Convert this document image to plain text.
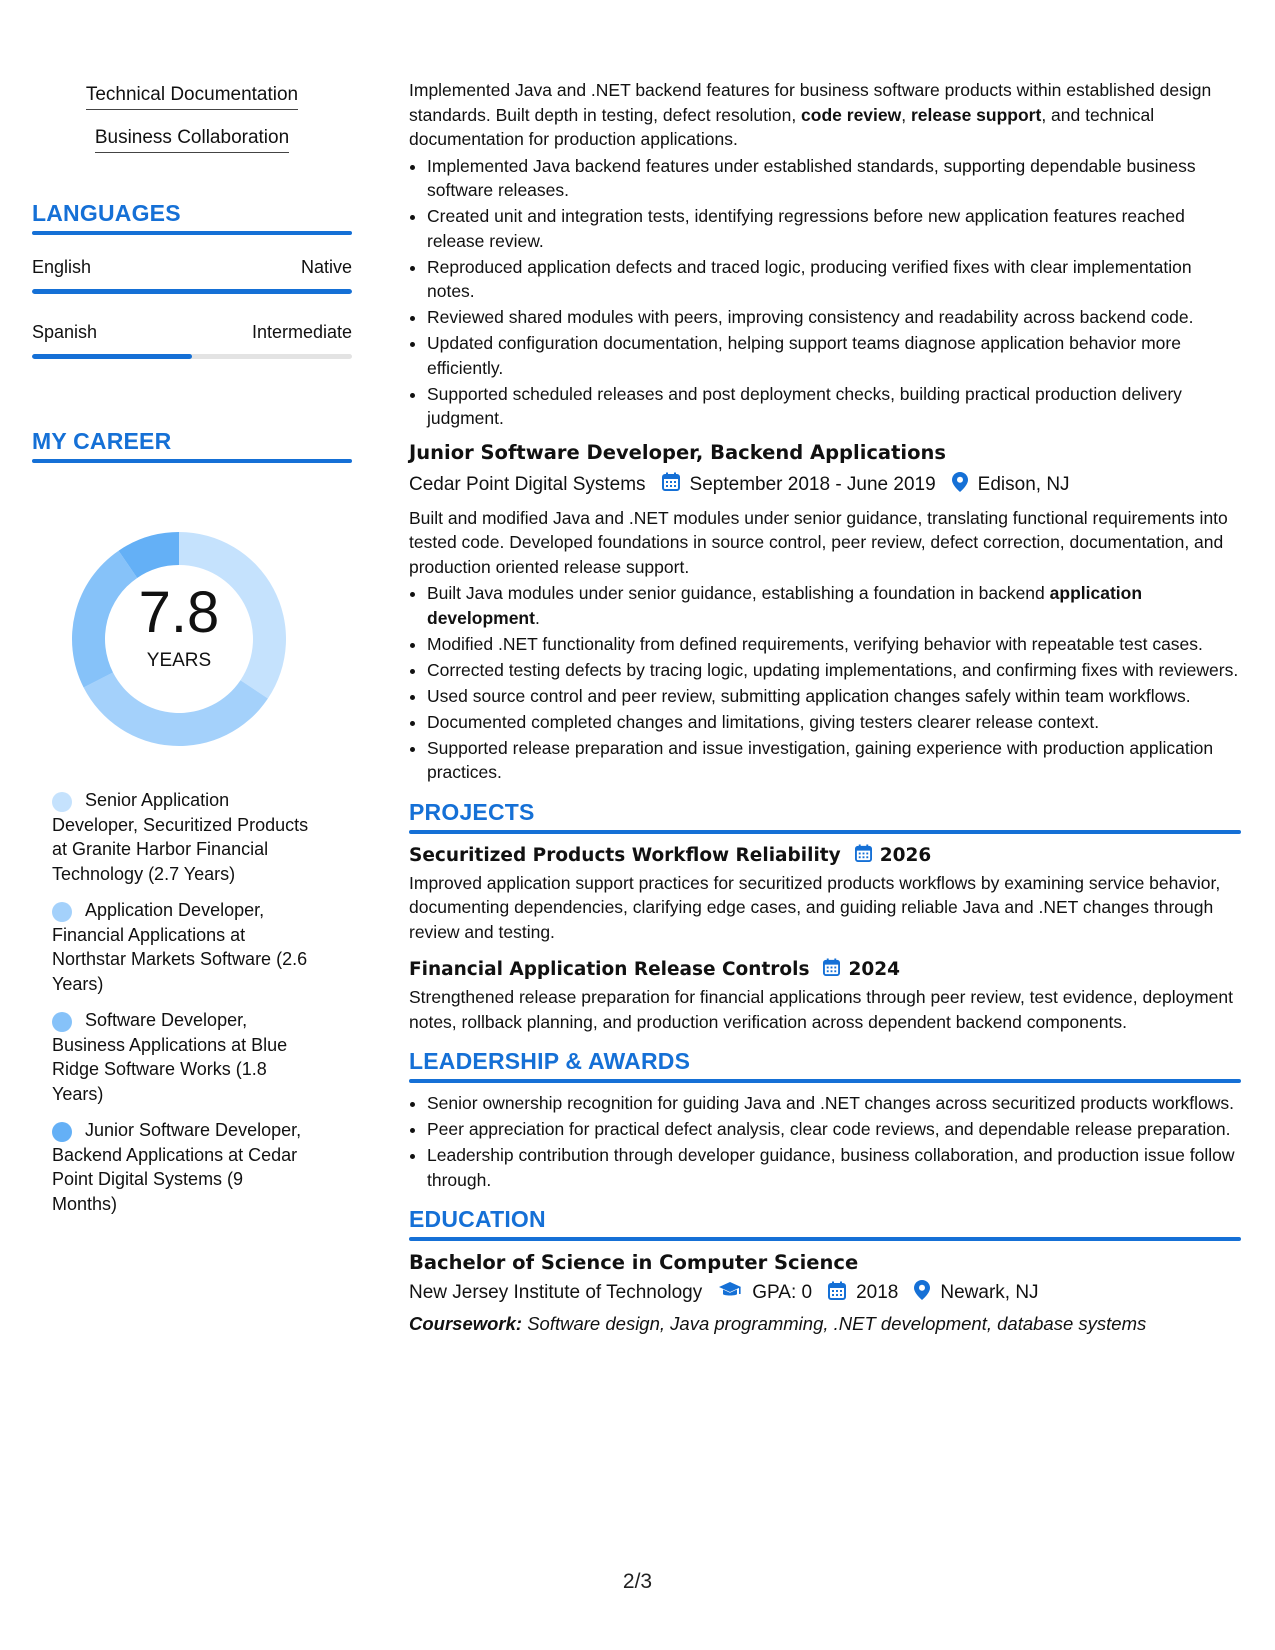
Technical Documentation
Business Collaboration
LANGUAGES
English	Native
Spanish	Intermediate
MY CAREER
7.8
YEARS
Senior Application Developer, Securitized Products at Granite Harbor Financial Technology (2.7 Years)
Application Developer, Financial Applications at Northstar Markets Software (2.6 Years)
Software Developer, Business Applications at Blue Ridge Software Works (1.8 Years)
Junior Software Developer, Backend Applications at Cedar Point Digital Systems (9 Months)

Implemented Java and .NET backend features for business software products within established design standards. Built depth in testing, defect resolution, code review, release support, and technical documentation for production applications.

• Implemented Java backend features under established standards, supporting dependable business software releases.
• Created unit and integration tests, identifying regressions before new application features reached release review.
• Reproduced application defects and traced logic, producing verified fixes with clear implementation notes.
• Reviewed shared modules with peers, improving consistency and readability across backend code.
• Updated configuration documentation, helping support teams diagnose application behavior more efficiently.
• Supported scheduled releases and post deployment checks, building practical production delivery judgment.
Junior Software Developer, Backend Applications
Cedar Point Digital Systems September 2018 - June 2019 Edison, NJ

Built and modified Java and .NET modules under senior guidance, translating functional requirements into tested code. Developed foundations in source control, peer review, defect correction, documentation, and production oriented release support.

• Built Java modules under senior guidance, establishing a foundation in backend application development.
• Modified .NET functionality from defined requirements, verifying behavior with repeatable test cases.
• Corrected testing defects by tracing logic, updating implementations, and confirming fixes with reviewers.
• Used source control and peer review, submitting application changes safely within team workflows.
• Documented completed changes and limitations, giving testers clearer release context.
• Supported release preparation and issue investigation, gaining experience with production application practices.
PROJECTS
Securitized Products Workflow Reliability 2026

Improved application support practices for securitized products workflows by examining service behavior, documenting dependencies, clarifying edge cases, and guiding reliable Java and .NET changes through review and testing.

Financial Application Release Controls 2024

Strengthened release preparation for financial applications through peer review, test evidence, deployment notes, rollback planning, and production verification across dependent backend components.

LEADERSHIP & AWARDS
• Senior ownership recognition for guiding Java and .NET changes across securitized products workflows.
• Peer appreciation for practical defect analysis, clear code reviews, and dependable release preparation.
• Leadership contribution through developer guidance, business collaboration, and production issue follow through.
EDUCATION
Bachelor of Science in Computer Science
New Jersey Institute of Technology	GPA: 0 2018 Newark, NJ
Coursework: Software design, Java programming, .NET development, database systems
2/3
